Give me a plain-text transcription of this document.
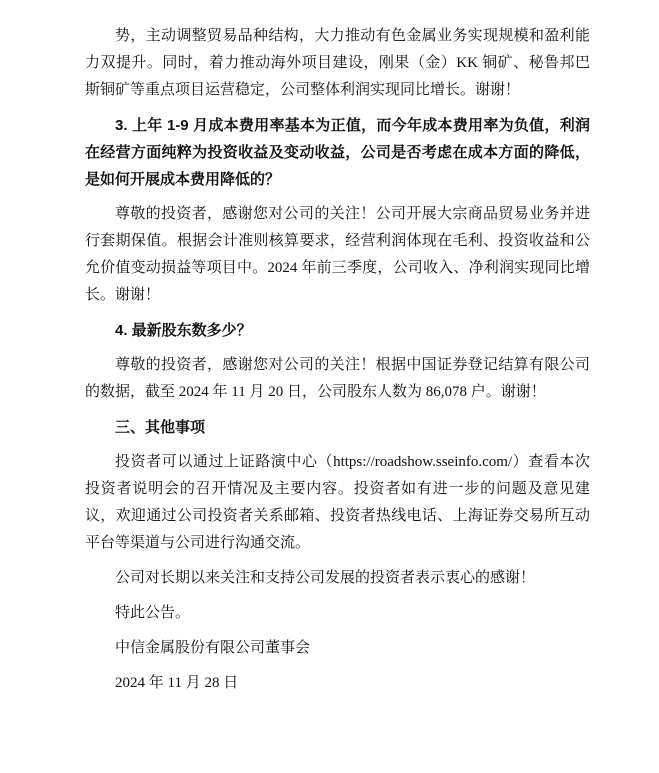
势，主动调整贸易品种结构，大力推动有色金属业务实现规模和盈利能力双提升。同时，着力推动海外项目建设，刚果（金）KK 铜矿、秘鲁邦巴斯铜矿等重点项目运营稳定，公司整体利润实现同比增长。谢谢！

3. 上年 1-9 月成本费用率基本为正值，而今年成本费用率为负值，利润在经营方面纯粹为投资收益及变动收益，公司是否考虑在成本方面的降低，是如何开展成本费用降低的？

尊敬的投资者，感谢您对公司的关注！公司开展大宗商品贸易业务并进行套期保值。根据会计准则核算要求，经营利润体现在毛利、投资收益和公允价值变动损益等项目中。2024 年前三季度，公司收入、净利润实现同比增长。谢谢！

4. 最新股东数多少？

尊敬的投资者，感谢您对公司的关注！根据中国证券登记结算有限公司的数据，截至 2024 年 11 月 20 日，公司股东人数为 86,078 户。谢谢！

三、其他事项

投资者可以通过上证路演中心（https://roadshow.sseinfo.com/）查看本次投资者说明会的召开情况及主要内容。投资者如有进一步的问题及意见建议，欢迎通过公司投资者关系邮箱、投资者热线电话、上海证券交易所互动平台等渠道与公司进行沟通交流。

公司对长期以来关注和支持公司发展的投资者表示衷心的感谢！

特此公告。

中信金属股份有限公司董事会

2024 年 11 月 28 日
